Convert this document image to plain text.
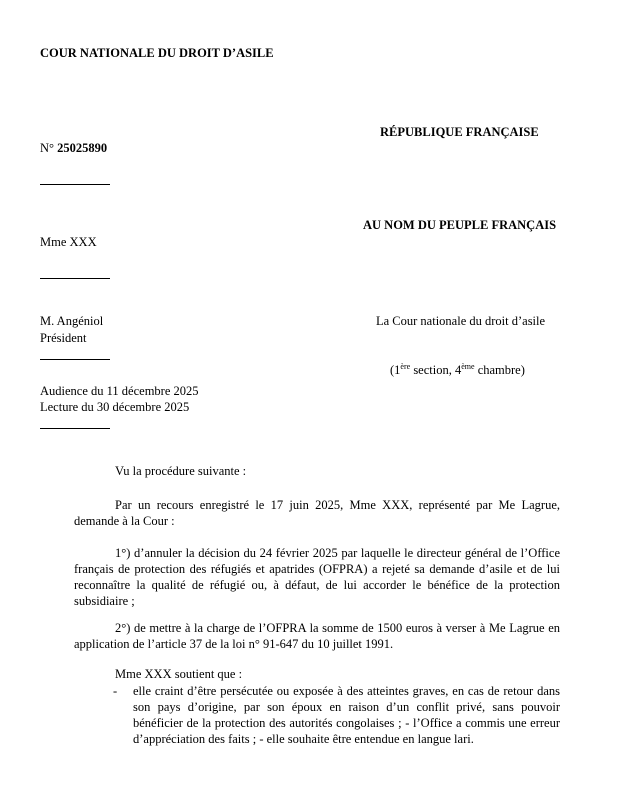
COUR NATIONALE DU DROIT D’ASILE
RÉPUBLIQUE FRANÇAISE
N° 25025890
AU NOM DU PEUPLE FRANÇAIS
Mme XXX
M. Angéniol	La Cour nationale du droit d’asile
Président
(1ère section, 4ème chambre)
Audience du 11 décembre 2025
Lecture du 30 décembre 2025
Vu la procédure suivante :
Par un recours enregistré le 17 juin 2025, Mme XXX, représenté par Me Lagrue, demande à la Cour :
1°) d’annuler la décision du 24 février 2025 par laquelle le directeur général de l’Office français de protection des réfugiés et apatrides (OFPRA) a rejeté sa demande d’asile et de lui reconnaître la qualité de réfugié ou, à défaut, de lui accorder le bénéfice de la protection subsidiaire ;
2°) de mettre à la charge de l’OFPRA la somme de 1500 euros à verser à Me Lagrue en application de l’article 37 de la loi n° 91-647 du 10 juillet 1991.
Mme XXX soutient que :
- elle craint d’être persécutée ou exposée à des atteintes graves, en cas de retour dans son pays d’origine, par son époux en raison d’un conflit privé, sans pouvoir bénéficier de la protection des autorités congolaises ; - l’Office a commis une erreur d’appréciation des faits ; - elle souhaite être entendue en langue lari.
